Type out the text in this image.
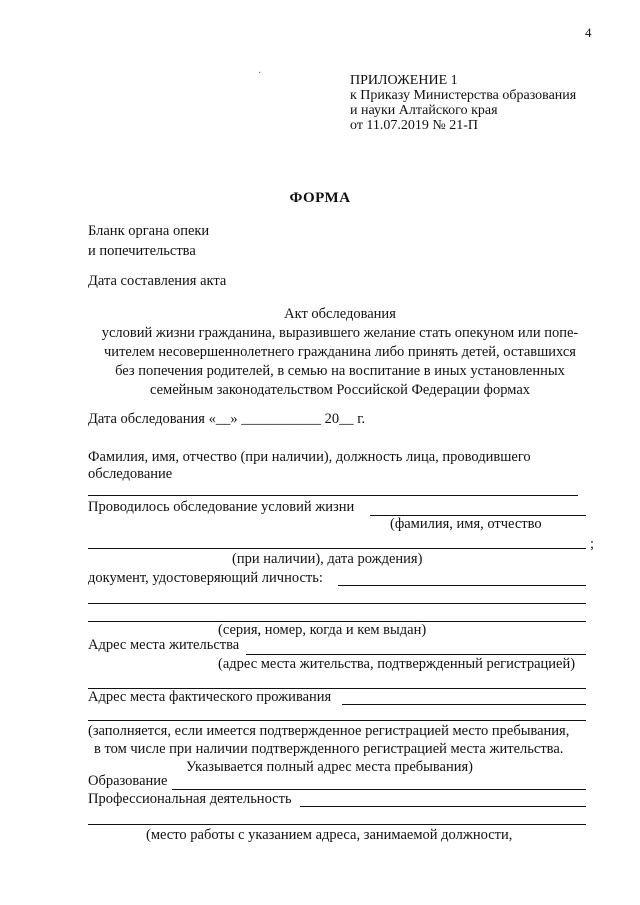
4
·	ПРИЛОЖЕНИЕ 1
к Приказу Министерства образования
и науки Алтайского края
от 11.07.2019 № 21-П
ФОРМА
Бланк органа опеки
и попечительства
Дата составления акта
Акт обследования
условий жизни гражданина, выразившего желание стать опекуном или попе-
чителем несовершеннолетнего гражданина либо принять детей, оставшихся
без попечения родителей, в семью на воспитание в иных установленных
семейным законодательством Российской Федерации формах
Дата обследования «__» ___________ 20__ г.
Фамилия, имя, отчество (при наличии), должность лица, проводившего
обследование
Проводилось обследование условий жизни
(фамилия, имя, отчество
;
(при наличии), дата рождения)
документ, удостоверяющий личность:
(серия, номер, когда и кем выдан)
Адрес места жительства
(адрес места жительства, подтвержденный регистрацией)
Адрес места фактического проживания
(заполняется, если имеется подтвержденное регистрацией место пребывания,
в том числе при наличии подтвержденного регистрацией места жительства.
Указывается полный адрес места пребывания)
Образование
Профессиональная деятельность
(место работы с указанием адреса, занимаемой должности,
